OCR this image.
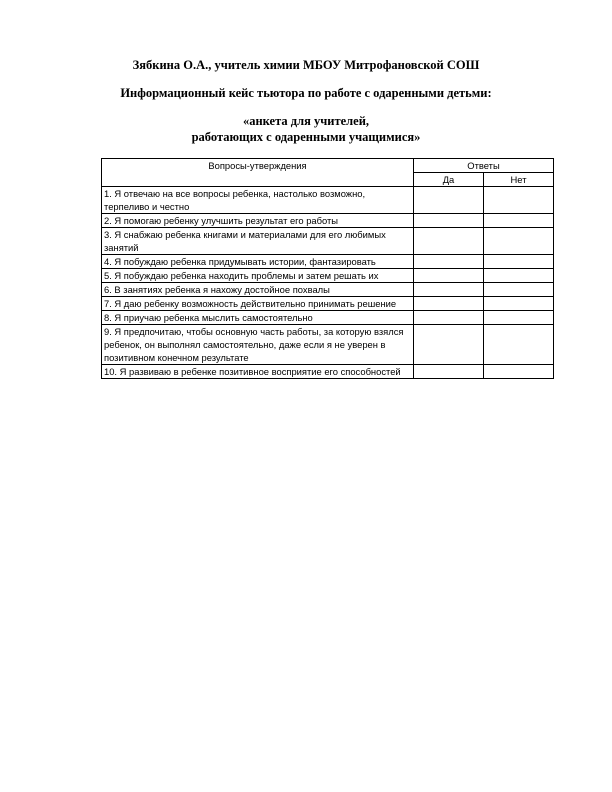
Зябкина О.А., учитель химии МБОУ Митрофановской СОШ
Информационный кейс тьютора по работе с одаренными детьми:
«анкета для учителей,
работающих с одаренными учащимися»
Вопросы-утверждения	Ответы	
	Да	Нет
1. Я отвечаю на все вопросы ребенка, настолько возможно, терпеливо и честно		
2. Я помогаю ребенку улучшить результат его работы		
3. Я снабжаю ребенка книгами и материалами для его любимых занятий		
4. Я побуждаю ребенка придумывать истории, фантазировать		
5. Я побуждаю ребенка находить проблемы и затем решать их		
6. В занятиях ребенка я нахожу достойное похвалы		
7. Я даю ребенку возможность действительно принимать решение		
8. Я приучаю ребенка мыслить самостоятельно		
9. Я предпочитаю, чтобы основную часть работы, за которую взялся ребенок, он выполнял самостоятельно, даже если я не уверен в позитивном конечном результате		
10. Я развиваю в ребенке позитивное восприятие его способностей		
